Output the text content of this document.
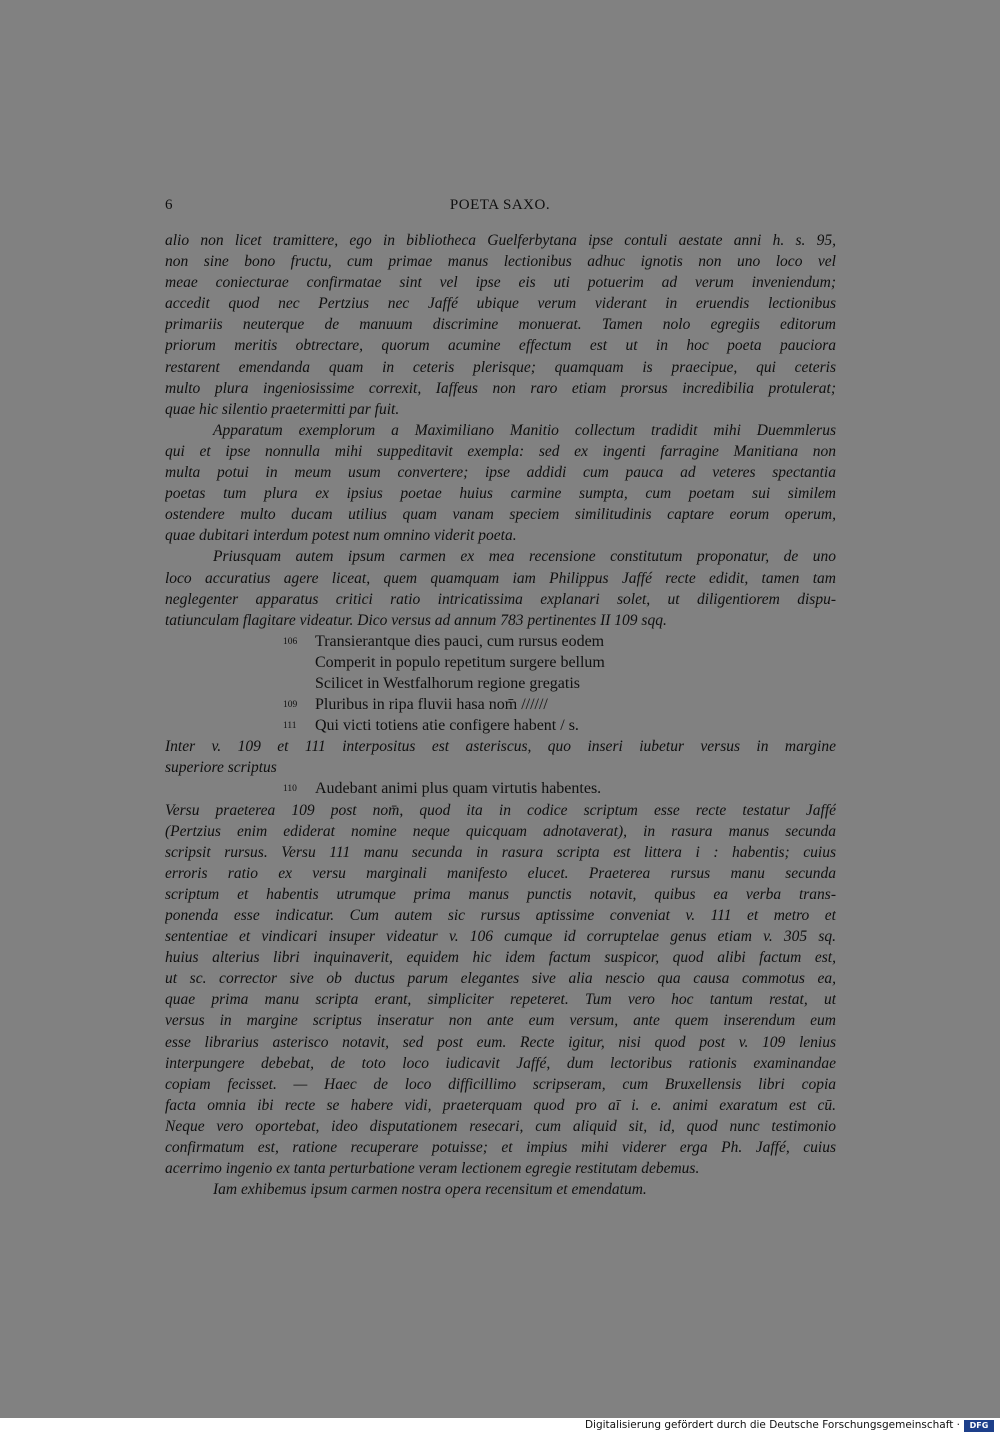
6	POETA SAXO.
alio non licet tramittere, ego in bibliotheca Guelferbytana ipse contuli aestate anni h. s. 95,
non sine bono fructu, cum primae manus lectionibus adhuc ignotis non uno loco vel
meae coniecturae confirmatae sint vel ipse eis uti potuerim ad verum inveniendum;
accedit quod nec Pertzius nec Jaffé ubique verum viderant in eruendis lectionibus
primariis neuterque de manuum discrimine monuerat. Tamen nolo egregiis editorum
priorum meritis obtrectare, quorum acumine effectum est ut in hoc poeta pauciora
restarent emendanda quam in ceteris plerisque; quamquam is praecipue, qui ceteris
multo plura ingeniosissime correxit, Iaffeus non raro etiam prorsus incredibilia protulerat;
quae hic silentio praetermitti par fuit.
Apparatum exemplorum a Maximiliano Manitio collectum tradidit mihi Duemmlerus
qui et ipse nonnulla mihi suppeditavit exempla: sed ex ingenti farragine Manitiana non
multa potui in meum usum convertere; ipse addidi cum pauca ad veteres spectantia
poetas tum plura ex ipsius poetae huius carmine sumpta, cum poetam sui similem
ostendere multo ducam utilius quam vanam speciem similitudinis captare eorum operum,
quae dubitari interdum potest num omnino viderit poeta.
Priusquam autem ipsum carmen ex mea recensione constitutum proponatur, de uno
loco accuratius agere liceat, quem quamquam iam Philippus Jaffé recte edidit, tamen tam
neglegenter apparatus critici ratio intricatissima explanari solet, ut diligentiorem dispu-
tatiunculam flagitare videatur. Dico versus ad annum 783 pertinentes II 109 sqq.
106 Transierantque dies pauci, cum rursus eodem
Comperit in populo repetitum surgere bellum
Scilicet in Westfalhorum regione gregatis
109 Pluribus in ripa fluvii hasa nom̄ //////
111 Qui victi totiens atie configere habent / s.
Inter v. 109 et 111 interpositus est asteriscus, quo inseri iubetur versus in margine
superiore scriptus
110 Audebant animi plus quam virtutis habentes.
Versu praeterea 109 post nom̄, quod ita in codice scriptum esse recte testatur Jaffé
(Pertzius enim ediderat nomine neque quicquam adnotaverat), in rasura manus secunda
scripsit rursus. Versu 111 manu secunda in rasura scripta est littera i : habentis; cuius
erroris ratio ex versu marginali manifesto elucet. Praeterea rursus manu secunda
scriptum et habentis utrumque prima manus punctis notavit, quibus ea verba trans-
ponenda esse indicatur. Cum autem sic rursus aptissime conveniat v. 111 et metro et
sententiae et vindicari insuper videatur v. 106 cumque id corruptelae genus etiam v. 305 sq.
huius alterius libri inquinaverit, equidem hic idem factum suspicor, quod alibi factum est,
ut sc. corrector sive ob ductus parum elegantes sive alia nescio qua causa commotus ea,
quae prima manu scripta erant, simpliciter repeteret. Tum vero hoc tantum restat, ut
versus in margine scriptus inseratur non ante eum versum, ante quem inserendum eum
esse librarius asterisco notavit, sed post eum. Recte igitur, nisi quod post v. 109 lenius
interpungere debebat, de toto loco iudicavit Jaffé, dum lectoribus rationis examinandae
copiam fecisset. — Haec de loco difficillimo scripseram, cum Bruxellensis libri copia
facta omnia ibi recte se habere vidi, praeterquam quod pro aī i. e. animi exaratum est cū.
Neque vero oportebat, ideo disputationem resecari, cum aliquid sit, id, quod nunc testimonio
confirmatum est, ratione recuperare potuisse; et impius mihi viderer erga Ph. Jaffé, cuius
acerrimo ingenio ex tanta perturbatione veram lectionem egregie restitutam debemus.
Iam exhibemus ipsum carmen nostra opera recensitum et emendatum.
Digitalisierung gefördert durch die Deutsche Forschungsgemeinschaft ·	DFG
